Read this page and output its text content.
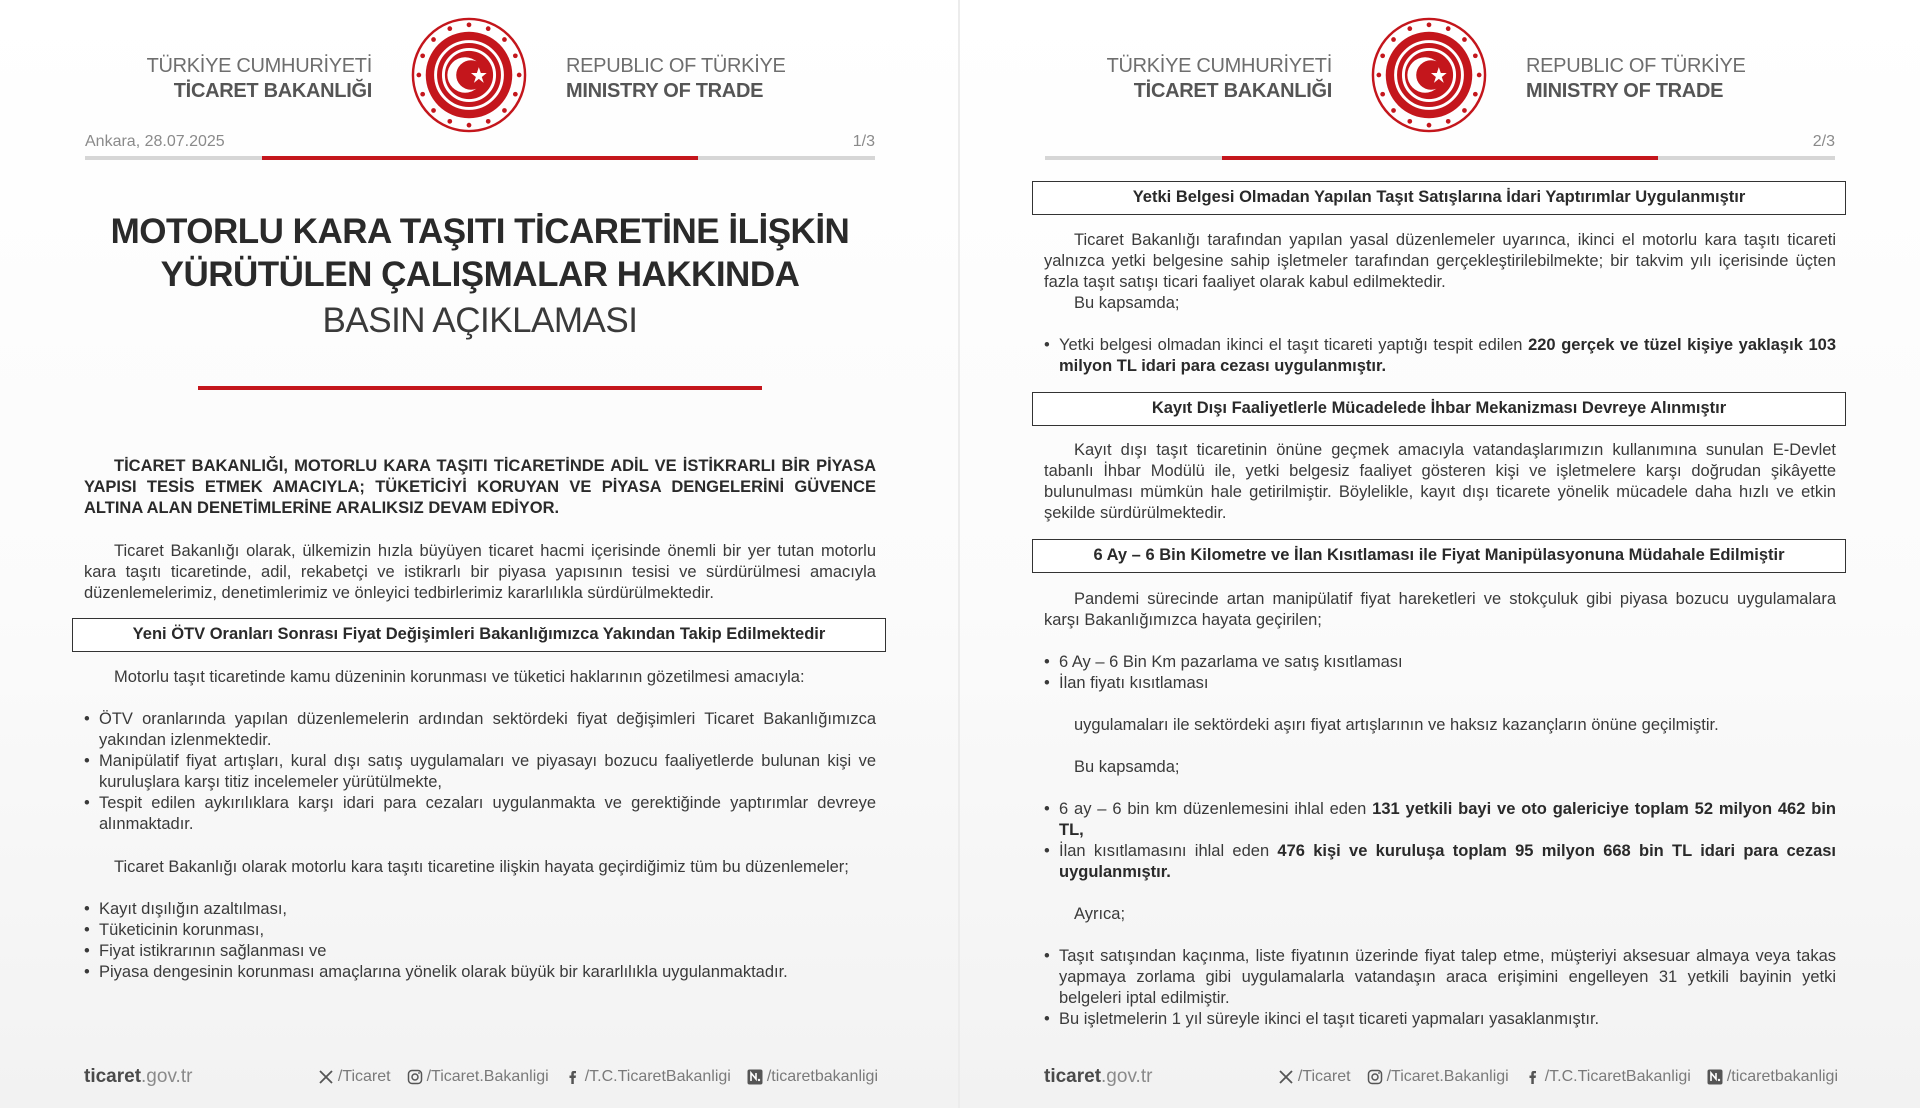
TÜRKİYE CUMHURİYETİ
TİCARET BAKANLIĞI
REPUBLIC OF TÜRKİYE
MINISTRY OF TRADE
Ankara, 28.07.2025	1/3
MOTORLU KARA TAŞITI TİCARETİNE İLİŞKİN
YÜRÜTÜLEN ÇALIŞMALAR HAKKINDA
BASIN AÇIKLAMASI

TİCARET BAKANLIĞI, MOTORLU KARA TAŞITI TİCARETİNDE ADİL VE İSTİKRARLI BİR PİYASA YAPISI TESİS ETMEK AMACIYLA; TÜKETİCİYİ KORUYAN VE PİYASA DENGELERİNİ GÜVENCE ALTINA ALAN DENETİMLERİNE ARALIKSIZ DEVAM EDİYOR.

Ticaret Bakanlığı olarak, ülkemizin hızla büyüyen ticaret hacmi içerisinde önemli bir yer tutan motorlu kara taşıtı ticaretinde, adil, rekabetçi ve istikrarlı bir piyasa yapısının tesisi ve sürdürülmesi amacıyla düzenlemelerimiz, denetimlerimiz ve önleyici tedbirlerimiz kararlılıkla sürdürülmektedir.

Yeni ÖTV Oranları Sonrası Fiyat Değişimleri Bakanlığımızca Yakından Takip Edilmektedir

Motorlu taşıt ticaretinde kamu düzeninin korunması ve tüketici haklarının gözetilmesi amacıyla:

• ÖTV oranlarında yapılan düzenlemelerin ardından sektördeki fiyat değişimleri Ticaret Bakanlığımızca yakından izlenmektedir.
• Manipülatif fiyat artışları, kural dışı satış uygulamaları ve piyasayı bozucu faaliyetlerde bulunan kişi ve kuruluşlara karşı titiz incelemeler yürütülmekte,
• Tespit edilen aykırılıklara karşı idari para cezaları uygulanmakta ve gerektiğinde yaptırımlar devreye alınmaktadır.

Ticaret Bakanlığı olarak motorlu kara taşıtı ticaretine ilişkin hayata geçirdiğimiz tüm bu düzenlemeler;

• Kayıt dışılığın azaltılması,
• Tüketicinin korunması,
• Fiyat istikrarının sağlanması ve
• Piyasa dengesinin korunması amaçlarına yönelik olarak büyük bir kararlılıkla uygulanmaktadır.
ticaret.gov.tr	/Ticaret /Ticaret.Bakanligi /T.C.TicaretBakanligi /ticaretbakanligi
TÜRKİYE CUMHURİYETİ
TİCARET BAKANLIĞI
REPUBLIC OF TÜRKİYE
MINISTRY OF TRADE
2/3
Yetki Belgesi Olmadan Yapılan Taşıt Satışlarına İdari Yaptırımlar Uygulanmıştır

Ticaret Bakanlığı tarafından yapılan yasal düzenlemeler uyarınca, ikinci el motorlu kara taşıtı ticareti yalnızca yetki belgesine sahip işletmeler tarafından gerçekleştirilebilmekte; bir takvim yılı içerisinde üçten fazla taşıt satışı ticari faaliyet olarak kabul edilmektedir.

Bu kapsamda;

• Yetki belgesi olmadan ikinci el taşıt ticareti yaptığı tespit edilen 220 gerçek ve tüzel kişiye yaklaşık 103 milyon TL idari para cezası uygulanmıştır.
Kayıt Dışı Faaliyetlerle Mücadelede İhbar Mekanizması Devreye Alınmıştır

Kayıt dışı taşıt ticaretinin önüne geçmek amacıyla vatandaşlarımızın kullanımına sunulan E-Devlet tabanlı İhbar Modülü ile, yetki belgesiz faaliyet gösteren kişi ve işletmelere karşı doğrudan şikâyette bulunulması mümkün hale getirilmiştir. Böylelikle, kayıt dışı ticarete yönelik mücadele daha hızlı ve etkin şekilde sürdürülmektedir.

6 Ay – 6 Bin Kilometre ve İlan Kısıtlaması ile Fiyat Manipülasyonuna Müdahale Edilmiştir

Pandemi sürecinde artan manipülatif fiyat hareketleri ve stokçuluk gibi piyasa bozucu uygulamalara karşı Bakanlığımızca hayata geçirilen;

• 6 Ay – 6 Bin Km pazarlama ve satış kısıtlaması
• İlan fiyatı kısıtlaması

uygulamaları ile sektördeki aşırı fiyat artışlarının ve haksız kazançların önüne geçilmiştir.

Bu kapsamda;

• 6 ay – 6 bin km düzenlemesini ihlal eden 131 yetkili bayi ve oto galericiye toplam 52 milyon 462 bin TL,
• İlan kısıtlamasını ihlal eden 476 kişi ve kuruluşa toplam 95 milyon 668 bin TL idari para cezası uygulanmıştır.

Ayrıca;

• Taşıt satışından kaçınma, liste fiyatının üzerinde fiyat talep etme, müşteriyi aksesuar almaya veya takas yapmaya zorlama gibi uygulamalarla vatandaşın araca erişimini engelleyen 31 yetkili bayinin yetki belgeleri iptal edilmiştir.
• Bu işletmelerin 1 yıl süreyle ikinci el taşıt ticareti yapmaları yasaklanmıştır.
ticaret.gov.tr	/Ticaret /Ticaret.Bakanligi /T.C.TicaretBakanligi /ticaretbakanligi
